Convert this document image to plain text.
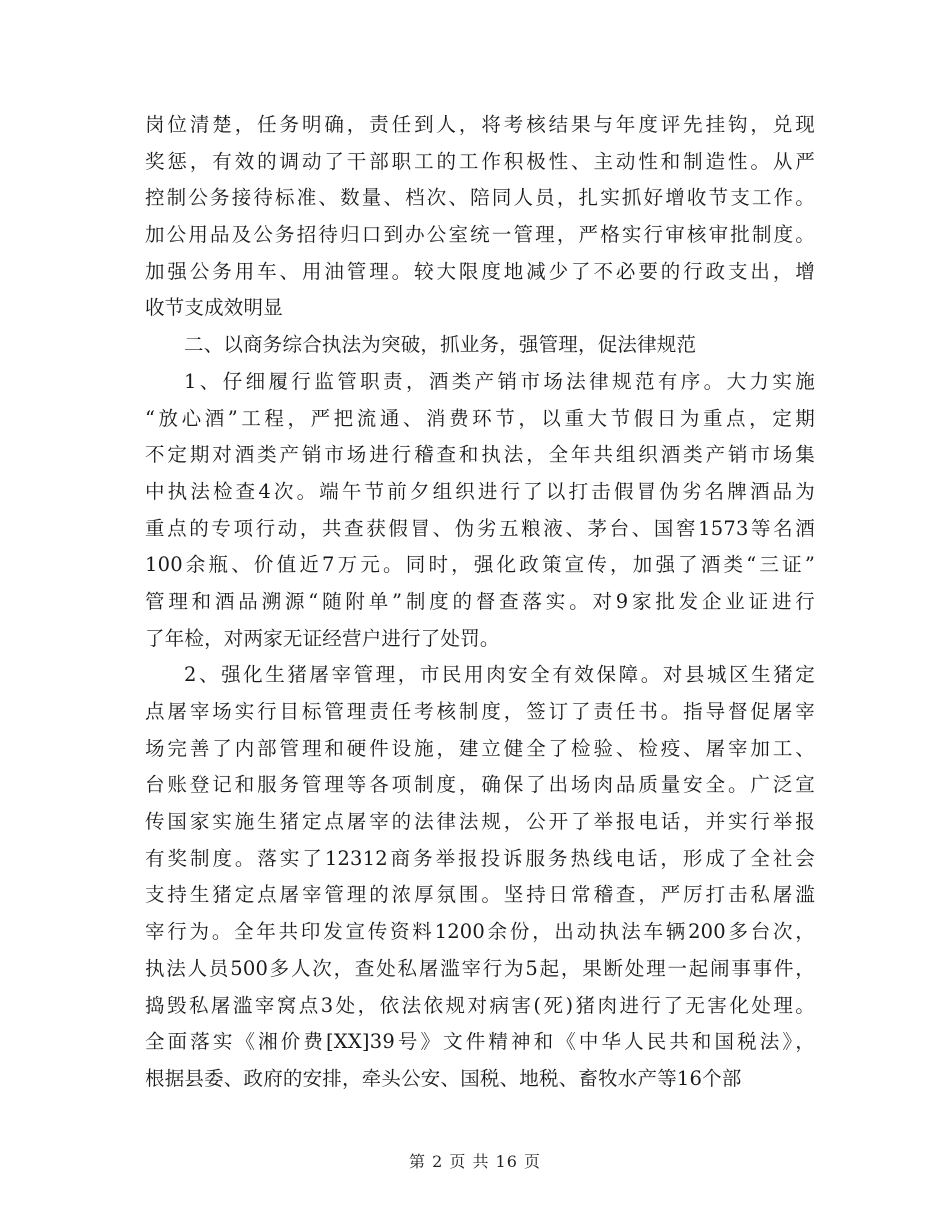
岗位清楚，任务明确，责任到人，将考核结果与年度评先挂钩，兑现
奖惩，有效的调动了干部职工的工作积极性、主动性和制造性。从严
控制公务接待标准、数量、档次、陪同人员，扎实抓好增收节支工作。
加公用品及公务招待归口到办公室统一管理，严格实行审核审批制度。
加强公务用车、用油管理。较大限度地减少了不必要的行政支出，增
收节支成效明显
二、以商务综合执法为突破，抓业务，强管理，促法律规范
1、仔细履行监管职责，酒类产销市场法律规范有序。大力实施
“放心酒”工程，严把流通、消费环节，以重大节假日为重点，定期
不定期对酒类产销市场进行稽查和执法，全年共组织酒类产销市场集
中执法检查4次。端午节前夕组织进行了以打击假冒伪劣名牌酒品为
重点的专项行动，共查获假冒、伪劣五粮液、茅台、国窖1573等名酒
100余瓶、价值近7万元。同时，强化政策宣传，加强了酒类“三证”
管理和酒品溯源“随附单”制度的督查落实。对9家批发企业证进行
了年检，对两家无证经营户进行了处罚。
2、强化生猪屠宰管理，市民用肉安全有效保障。对县城区生猪定
点屠宰场实行目标管理责任考核制度，签订了责任书。指导督促屠宰
场完善了内部管理和硬件设施，建立健全了检验、检疫、屠宰加工、
台账登记和服务管理等各项制度，确保了出场肉品质量安全。广泛宣
传国家实施生猪定点屠宰的法律法规，公开了举报电话，并实行举报
有奖制度。落实了12312商务举报投诉服务热线电话，形成了全社会
支持生猪定点屠宰管理的浓厚氛围。坚持日常稽查，严厉打击私屠滥
宰行为。全年共印发宣传资料1200余份，出动执法车辆200多台次，
执法人员500多人次，查处私屠滥宰行为5起，果断处理一起闹事事件，
捣毁私屠滥宰窝点3处，依法依规对病害(死)猪肉进行了无害化处理。
全面落实《湘价费[XX]39号》文件精神和《中华人民共和国税法》，
根据县委、政府的安排，牵头公安、国税、地税、畜牧水产等16个部
第 2 页 共 16 页
